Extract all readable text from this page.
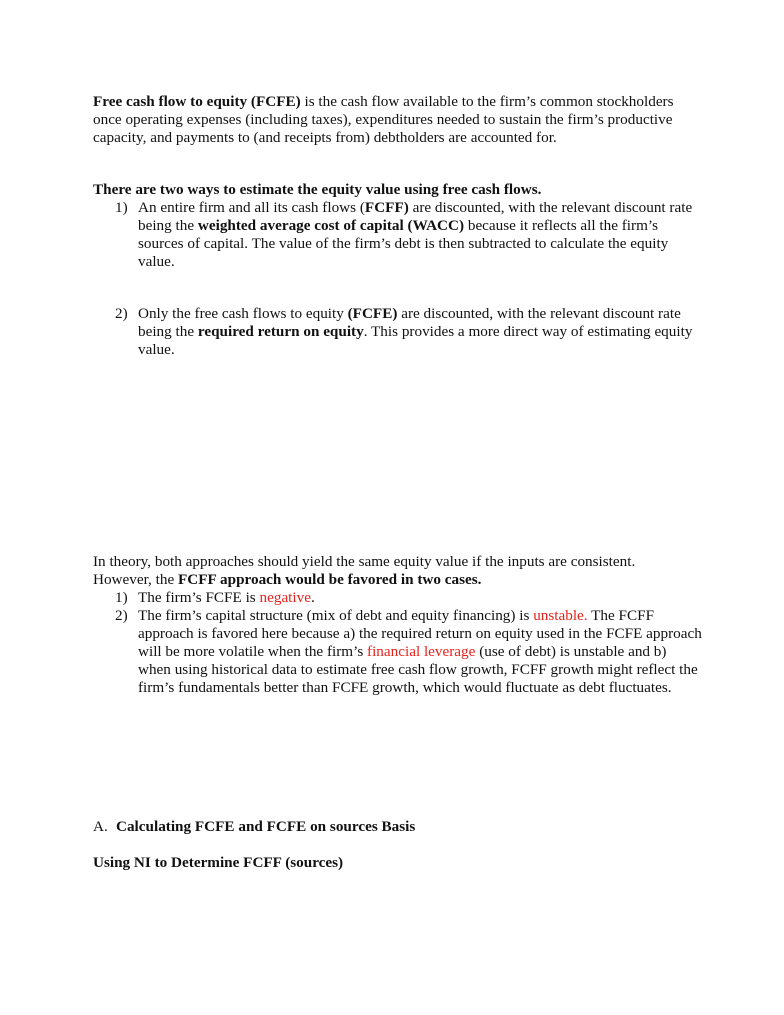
Free cash flow to equity (FCFE) is the cash flow available to the firm’s common stockholders once operating expenses (including taxes), expenditures needed to sustain the firm’s productive capacity, and payments to (and receipts from) debtholders are accounted for.

There are two ways to estimate the equity value using free cash flows.

1) An entire firm and all its cash flows (FCFF) are discounted, with the relevant discount rate being the weighted average cost of capital (WACC) because it reflects all the firm’s sources of capital. The value of the firm’s debt is then subtracted to calculate the equity value.
2) Only the free cash flows to equity (FCFE) are discounted, with the relevant discount rate being the required return on equity. This provides a more direct way of estimating equity value.

In theory, both approaches should yield the same equity value if the inputs are consistent.

However, the FCFF approach would be favored in two cases.

1) The firm’s FCFE is negative.
2) The firm’s capital structure (mix of debt and equity financing) is unstable. The FCFF approach is favored here because a) the required return on equity used in the FCFE approach will be more volatile when the firm’s financial leverage (use of debt) is unstable and b) when using historical data to estimate free cash flow growth, FCFF growth might reflect the firm’s fundamentals better than FCFE growth, which would fluctuate as debt fluctuates.

A. Calculating FCFE and FCFE on sources Basis

Using NI to Determine FCFF (sources)
